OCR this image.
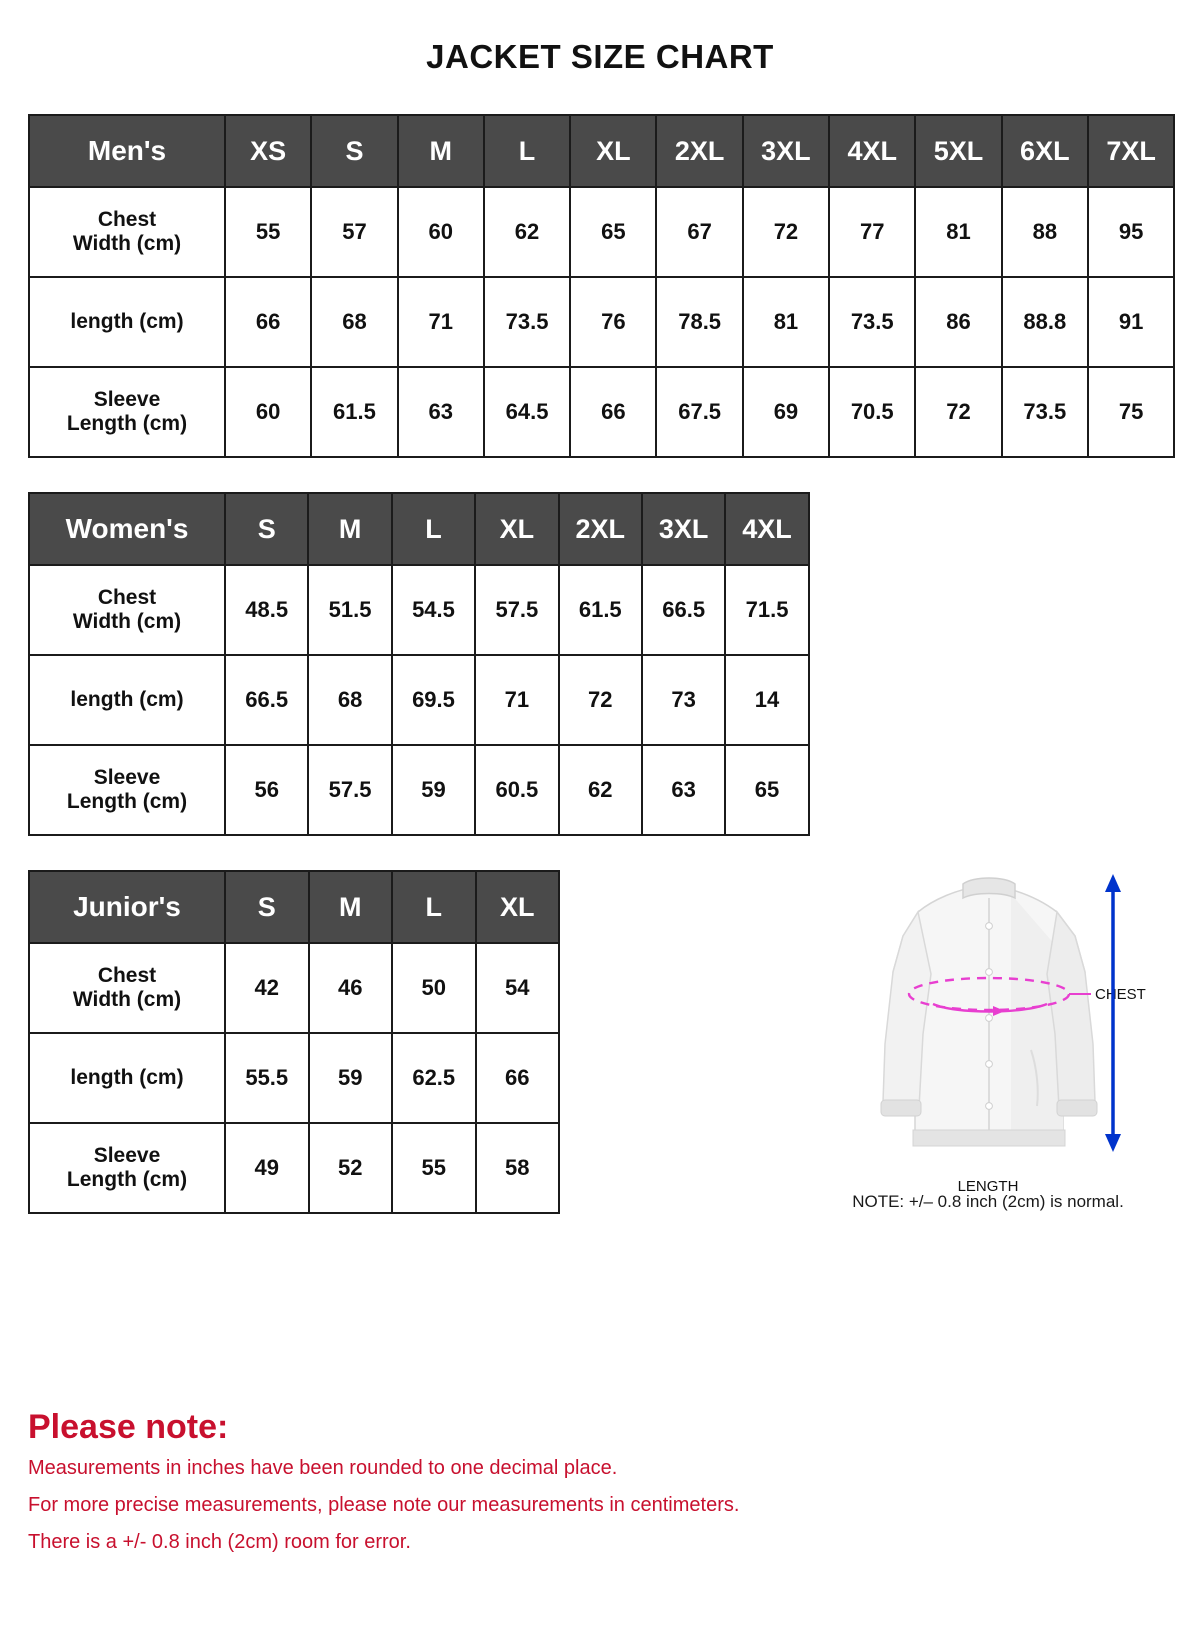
JACKET SIZE CHART
Men's	XS	S	M	L	XL	2XL	3XL	4XL	5XL	6XL	7XL

Chest
Width (cm)	55	57	60	62	65	67	72	77	81	88	95

length (cm)	66	68	71	73.5	76	78.5	81	73.5	86	88.8	91

Sleeve
Length (cm)	60	61.5	63	64.5	66	67.5	69	70.5	72	73.5	75
Women's	S	M	L	XL	2XL	3XL	4XL

Chest
Width (cm)	48.5	51.5	54.5	57.5	61.5	66.5	71.5

length (cm)	66.5	68	69.5	71	72	73	14

Sleeve
Length (cm)	56	57.5	59	60.5	62	63	65
Junior's	S	M	L	XL

Chest
Width (cm)	42	46	50	54

length (cm)	55.5	59	62.5	66

Sleeve
Length (cm)	49	52	55	58
CHEST
LENGTH
NOTE: +/– 0.8 inch (2cm) is normal.
Please note:
Measurements in inches have been rounded to one decimal place.
For more precise measurements, please note our measurements in centimeters.
There is a +/- 0.8 inch (2cm) room for error.
